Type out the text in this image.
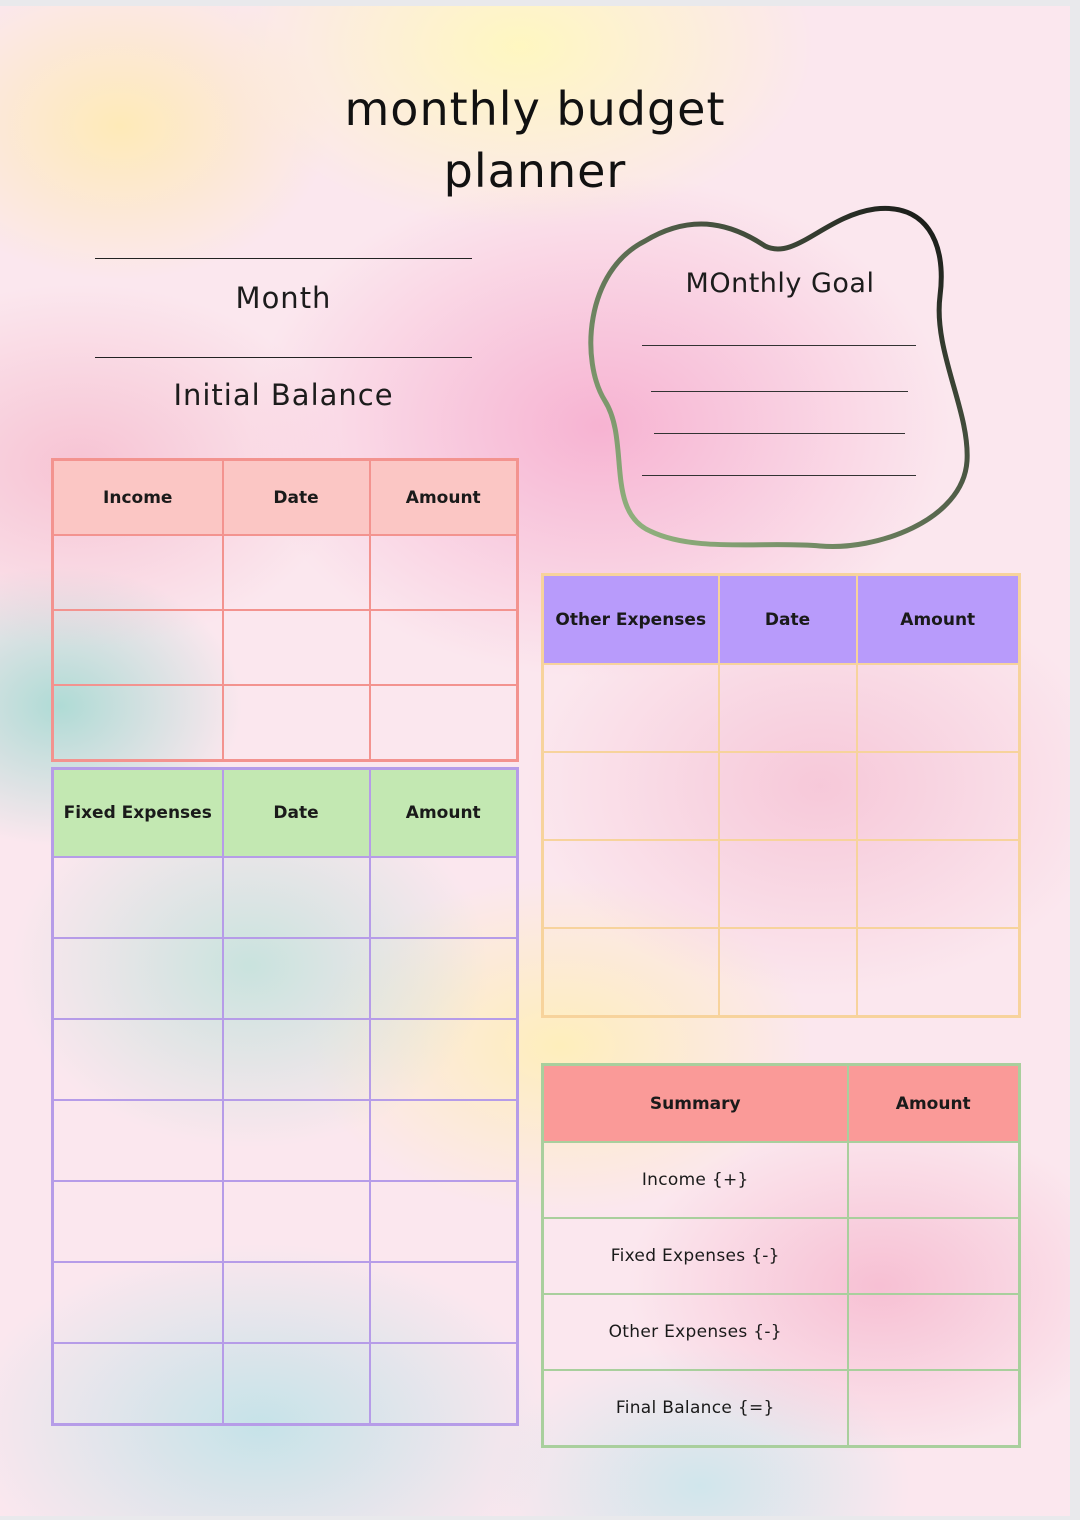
monthly budget
planner
Month
Initial Balance
MOnthly Goal
Income	Date	Amount

Fixed Expenses	Date	Amount

Other Expenses	Date	Amount

Summary	Amount
Income {+}	
Fixed Expenses {-}	
Other Expenses {-}	
Final Balance {=}	
